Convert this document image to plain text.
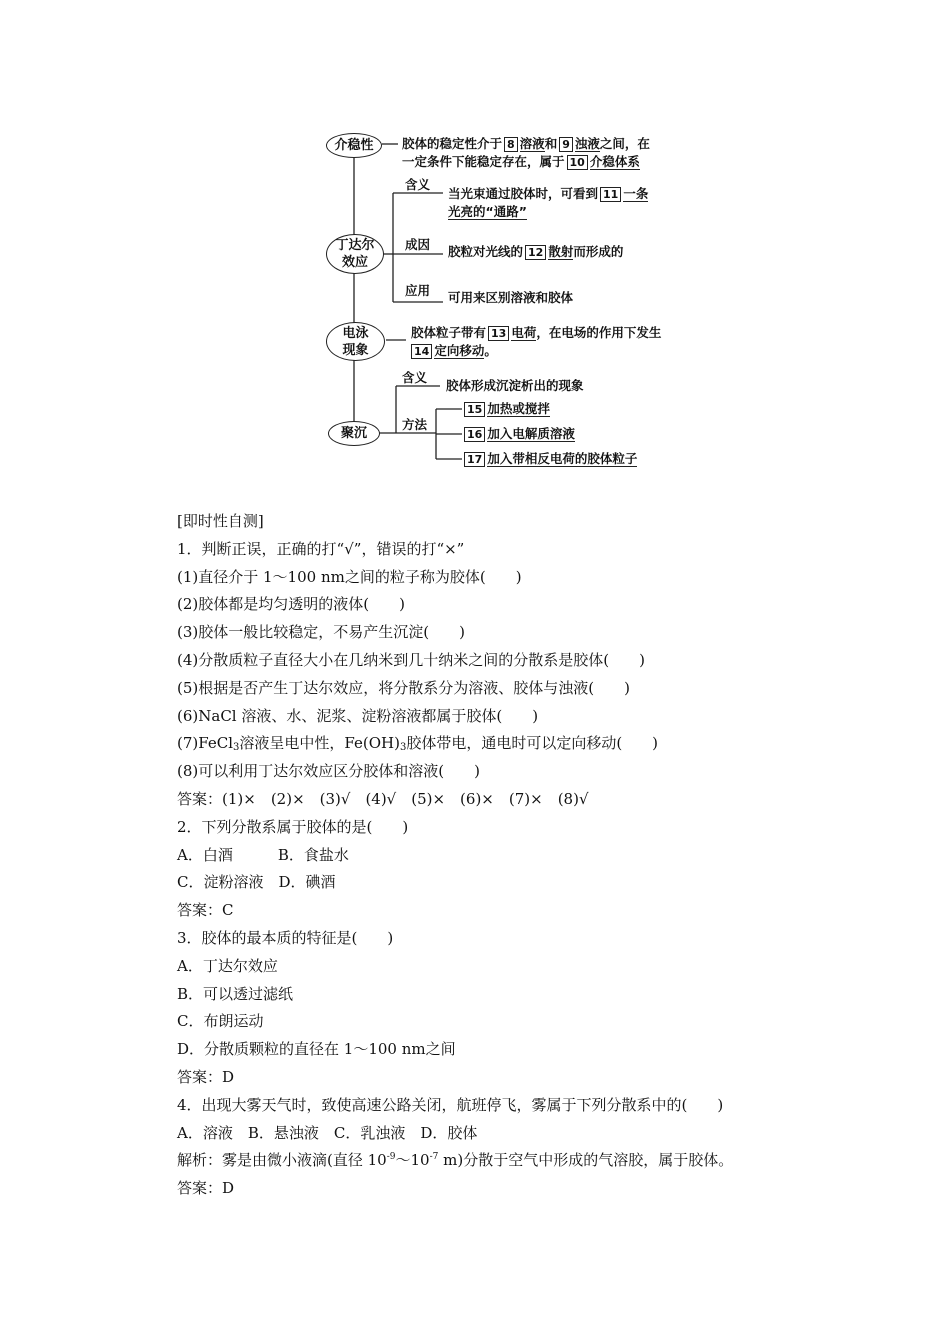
介稳性
丁达尔
效应
电泳
现象
聚沉
胶体的稳定性介于 8 溶液和 9 浊液之间，在
一定条件下能稳定存在，属于 10 介稳体系
含义
当光束通过胶体时，可看到 11 一条
光亮的“通路”
成因 胶粒对光线的 12 散射而形成的
应用 可用来区别溶液和胶体
胶体粒子带有 13 电荷，在电场的作用下发生
14 定向移动。
含义
胶体形成沉淀析出的现象
方法
15 加热或搅拌
16 加入电解质溶液
17 加入带相反电荷的胶体粒子
[即时性自测]
1．判断正误，正确的打“√”，错误的打“×”
(1)直径介于 1～100 nm之间的粒子称为胶体(　　)
(2)胶体都是均匀透明的液体(　　)
(3)胶体一般比较稳定，不易产生沉淀(　　)
(4)分散质粒子直径大小在几纳米到几十纳米之间的分散系是胶体(　　)
(5)根据是否产生丁达尔效应，将分散系分为溶液、胶体与浊液(　　)
(6)NaCl 溶液、水、泥浆、淀粉溶液都属于胶体(　　)
(7)FeCl$_3$溶液呈电中性，$Fe(OH)_3$胶体带电，通电时可以定向移动(　　)
(8)可以利用丁达尔效应区分胶体和溶液(　　)
答案：(1)×　(2)×　(3)√　(4)√　(5)×　(6)×　(7)×　(8)√
2．下列分散系属于胶体的是(　　)
A．白酒　　　B．食盐水
C．淀粉溶液　D．碘酒
答案：C
3．胶体的最本质的特征是(　　)
A．丁达尔效应
B．可以透过滤纸
C．布朗运动
D．分散质颗粒的直径在 1～100 nm之间
答案：D
4．出现大雾天气时，致使高速公路关闭，航班停飞，雾属于下列分散系中的(　　)
A．溶液　B．悬浊液　C．乳浊液　D．胶体
解析：雾是由微小液滴(直径 $10^{-9}\sim 10^{-7}$ m)分散于空气中形成的气溶胶，属于胶体。
答案：D
